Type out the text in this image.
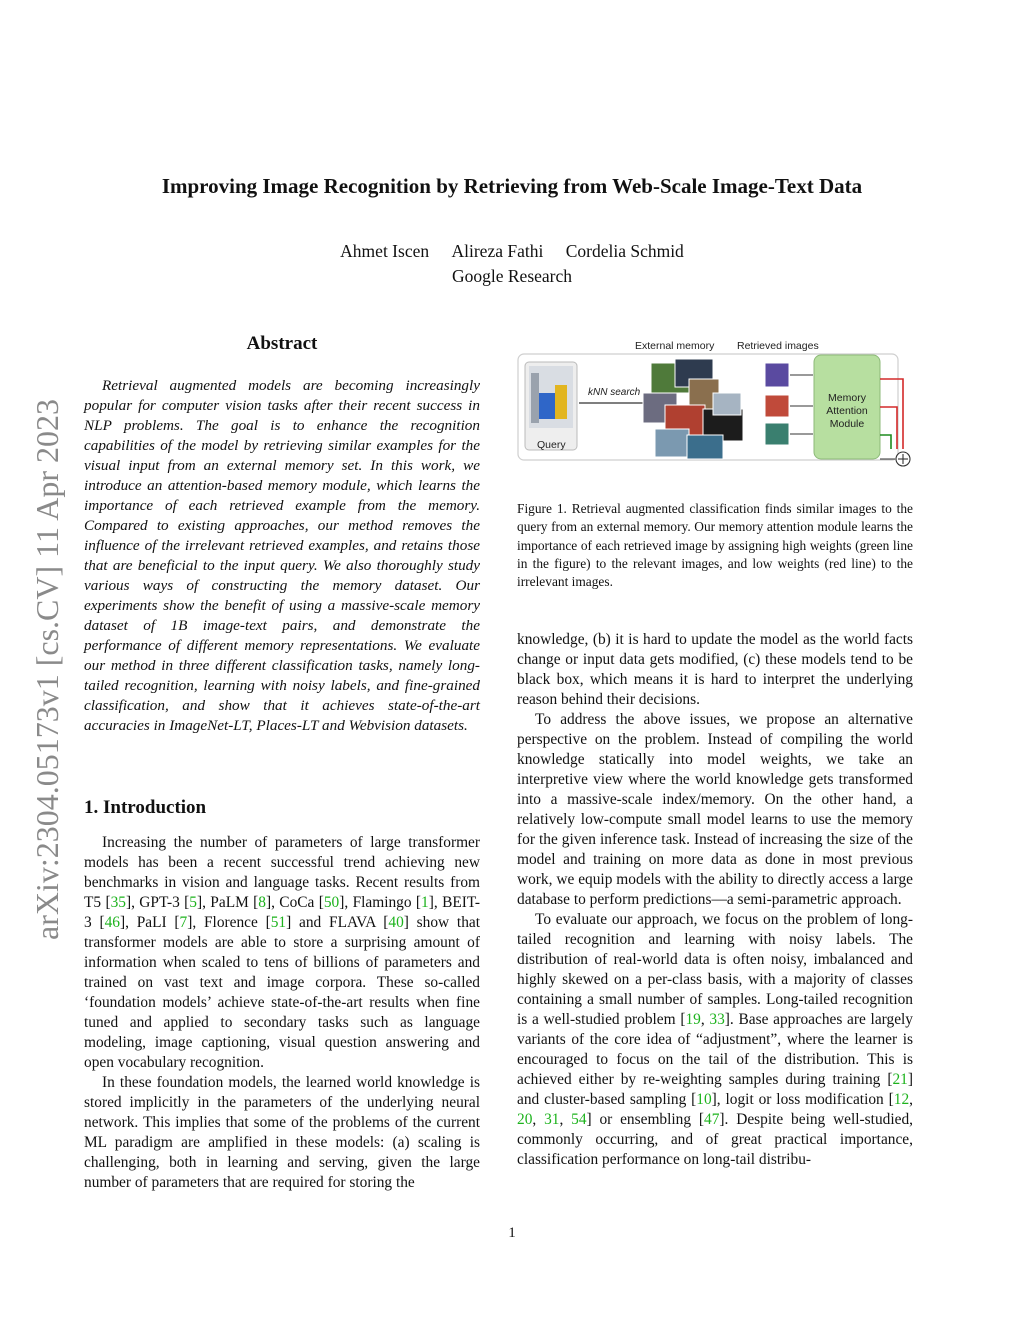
Improving Image Recognition by Retrieving from Web-Scale Image-Text Data
Ahmet Iscen Alireza Fathi Cordelia Schmid
Google Research
arXiv:2304.05173v1 [cs.CV] 11 Apr 2023
Abstract

Retrieval augmented models are becoming increasingly popular for computer vision tasks after their recent success in NLP problems. The goal is to enhance the recognition capabilities of the model by retrieving similar examples for the visual input from an external memory set. In this work, we introduce an attention-based memory module, which learns the importance of each retrieved example from the memory. Compared to existing approaches, our method removes the influence of the irrelevant retrieved examples, and retains those that are beneficial to the input query. We also thoroughly study various ways of constructing the memory dataset. Our experiments show the benefit of using a massive-scale memory dataset of 1B image-text pairs, and demonstrate the performance of different memory representations. We evaluate our method in three different classification tasks, namely long-tailed recognition, learning with noisy labels, and fine-grained classification, and show that it achieves state-of-the-art accuracies in ImageNet-LT, Places-LT and Webvision datasets.

1. Introduction

Increasing the number of parameters of large transformer models has been a recent successful trend achieving new benchmarks in vision and language tasks. Recent results from T5 [35], GPT-3 [5], PaLM [8], CoCa [50], Flamingo [1], BEIT-3 [46], PaLI [7], Florence [51] and FLAVA [40] show that transformer models are able to store a surprising amount of information when scaled to tens of billions of parameters and trained on vast text and image corpora. These so-called ‘foundation models’ achieve state-of-the-art results when fine tuned and applied to secondary tasks such as language modeling, image captioning, visual question answering and open vocabulary recognition.

In these foundation models, the learned world knowledge is stored implicitly in the parameters of the underlying neural network. This implies that some of the problems of the current ML paradigm are amplified in these models: (a) scaling is challenging, both in learning and serving, given the large number of parameters that are required for storing the

External memory Retrieved images
Query
kNN search	Memory
Attention
Module

Figure 1. Retrieval augmented classification finds similar images to the query from an external memory. Our memory attention module learns the importance of each retrieved image by assigning high weights (green line in the figure) to the relevant images, and low weights (red line) to the irrelevant images.

knowledge, (b) it is hard to update the model as the world facts change or input data gets modified, (c) these models tend to be black box, which means it is hard to interpret the underlying reason behind their decisions.

To address the above issues, we propose an alternative perspective on the problem. Instead of compiling the world knowledge statically into model weights, we take an interpretive view where the world knowledge gets transformed into a massive-scale index/memory. On the other hand, a relatively low-compute small model learns to use the memory for the given inference task. Instead of increasing the size of the model and training on more data as done in most previous work, we equip models with the ability to directly access a large database to perform predictions—a semi-parametric approach.

To evaluate our approach, we focus on the problem of long-tailed recognition and learning with noisy labels. The distribution of real-world data is often noisy, imbalanced and highly skewed on a per-class basis, with a majority of classes containing a small number of samples. Long-tailed recognition is a well-studied problem [19, 33]. Base approaches are largely variants of the core idea of “adjustment”, where the learner is encouraged to focus on the tail of the distribution. This is achieved either by re-weighting samples during training [21] and cluster-based sampling [10], logit or loss modification [12, 20, 31, 54] or ensembling [47]. Despite being well-studied, commonly occurring, and of great practical importance, classification performance on long-tail distribu-

1
